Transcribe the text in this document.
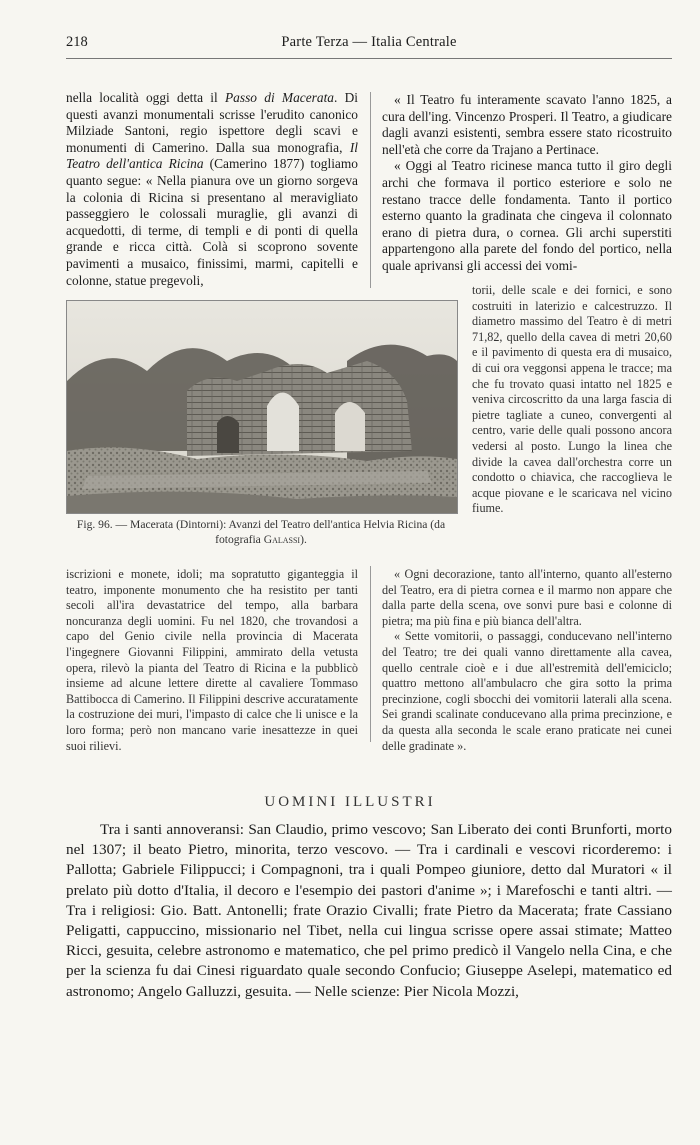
218	Parte Terza — Italia Centrale

nella località oggi detta il Passo di Macerata. Di questi avanzi monumentali scrisse l'erudito canonico Milziade Santoni, regio ispettore degli scavi e monumenti di Camerino. Dalla sua monografia, Il Teatro dell'antica Ricina (Camerino 1877) togliamo quanto segue: « Nella pianura ove un giorno sorgeva la colonia di Ricina si presentano al meravigliato passeggiero le colossali muraglie, gli avanzi di acquedotti, di terme, di templi e di ponti di quella grande e ricca città. Colà si scoprono sovente pavimenti a musaico, finissimi, marmi, capitelli e colonne, statue pregevoli,

« Il Teatro fu interamente scavato l'anno 1825, a cura dell'ing. Vincenzo Prosperi. Il Teatro, a giudicare dagli avanzi esistenti, sembra essere stato ricostruito nell'età che corre da Trajano a Pertinace.

« Oggi al Teatro ricinese manca tutto il giro degli archi che formava il portico esteriore e solo ne restano tracce delle fondamenta. Tanto il portico esterno quanto la gradinata che cingeva il colonnato erano di pietra dura, o cornea. Gli archi superstiti appartengono alla parete del fondo del portico, nella quale aprivansi gli accessi dei vomi-

torii, delle scale e dei fornici, e sono costruiti in laterizio e calcestruzzo. Il diametro massimo del Teatro è di metri 71,82, quello della cavea di metri 20,60 e il pavimento di questa era di musaico, di cui ora veggonsi appena le tracce; ma che fu trovato quasi intatto nel 1825 e veniva circoscritto da una larga fascia di pietre tagliate a cuneo, convergenti al centro, varie delle quali possono ancora vedersi al posto. Lungo la linea che divide la cavea dall'orchestra corre un condotto o chiavica, che raccoglieva le acque piovane e le scaricava nel vicino fiume.

Fig. 96. — Macerata (Dintorni): Avanzi del Teatro dell'antica Helvia Ricina (da fotografia Galassi).

iscrizioni e monete, idoli; ma sopratutto giganteggia il teatro, imponente monumento che ha resistito per tanti secoli all'ira devastatrice del tempo, alla barbara noncuranza degli uomini. Fu nel 1820, che trovandosi a capo del Genio civile nella provincia di Macerata l'ingegnere Giovanni Filippini, ammirato della vetusta opera, rilevò la pianta del Teatro di Ricina e la pubblicò insieme ad alcune lettere dirette al cavaliere Tommaso Battibocca di Camerino. Il Filippini descrive accuratamente la costruzione dei muri, l'impasto di calce che li unisce e la loro forma; però non mancano varie inesattezze in quei suoi rilievi.

« Ogni decorazione, tanto all'interno, quanto all'esterno del Teatro, era di pietra cornea e il marmo non appare che dalla parte della scena, ove sonvi pure basi e colonne di pietra; ma più fina e più bianca dell'altra.

« Sette vomitorii, o passaggi, conducevano nell'interno del Teatro; tre dei quali vanno direttamente alla cavea, quello centrale cioè e i due all'estremità dell'emiciclo; quattro mettono all'ambulacro che gira sotto la prima precinzione, cogli sbocchi dei vomitorii laterali alla scena. Sei grandi scalinate conducevano alla prima precinzione, e da questa alla seconda le scale erano praticate nei cunei delle gradinate ».

UOMINI ILLUSTRI

Tra i santi annoveransi: San Claudio, primo vescovo; San Liberato dei conti Brunforti, morto nel 1307; il beato Pietro, minorita, terzo vescovo. — Tra i cardinali e vescovi ricorderemo: i Pallotta; Gabriele Filippucci; i Compagnoni, tra i quali Pompeo giuniore, detto dal Muratori « il prelato più dotto d'Italia, il decoro e l'esempio dei pastori d'anime »; i Marefoschi e tanti altri. — Tra i religiosi: Gio. Batt. Antonelli; frate Orazio Civalli; frate Pietro da Macerata; frate Cassiano Peligatti, cappuccino, missionario nel Tibet, nella cui lingua scrisse opere assai stimate; Matteo Ricci, gesuita, celebre astronomo e matematico, che pel primo predicò il Vangelo nella Cina, e che per la scienza fu dai Cinesi riguardato quale secondo Confucio; Giuseppe Aselepi, matematico ed astronomo; Angelo Galluzzi, gesuita. — Nelle scienze: Pier Nicola Mozzi,
